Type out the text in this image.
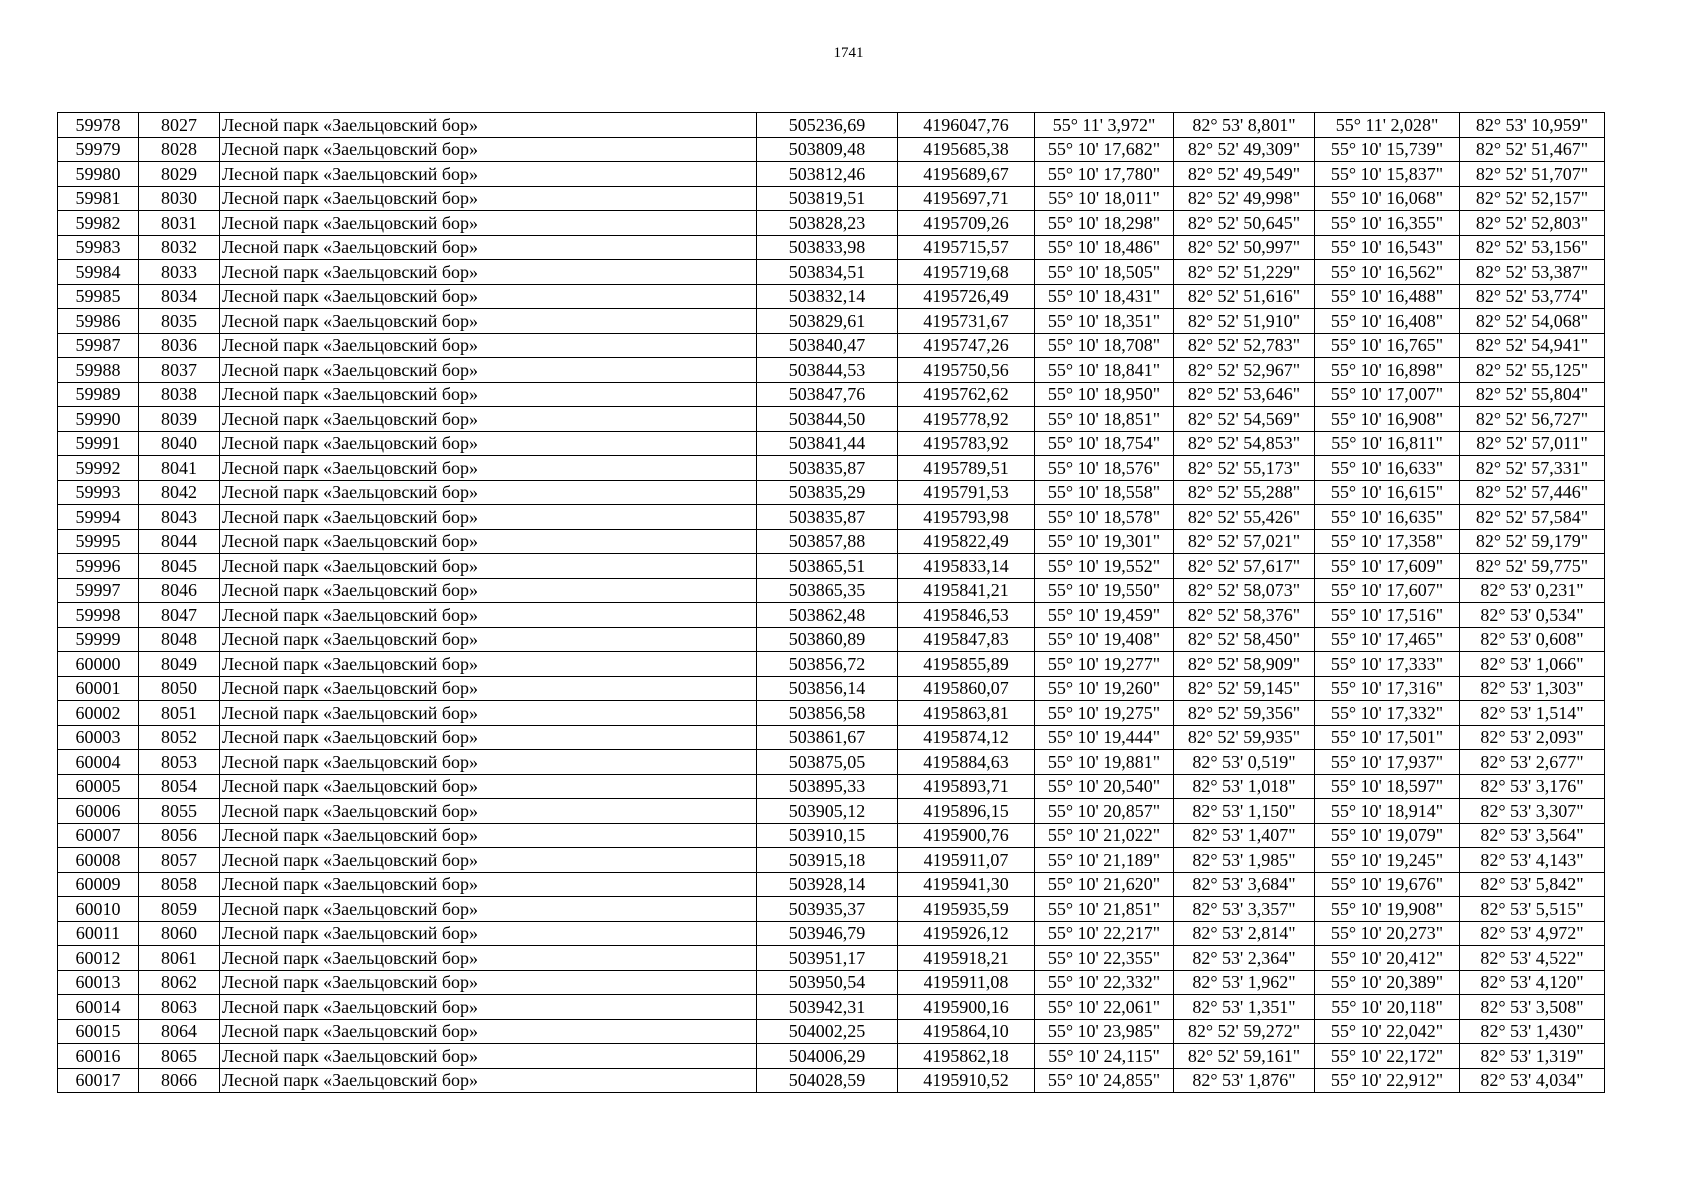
1741
59978	8027	Лесной парк «Заельцовский бор»	505236,69	4196047,76	55° 11' 3,972"	82° 53' 8,801"	55° 11' 2,028"	82° 53' 10,959"
59979	8028	Лесной парк «Заельцовский бор»	503809,48	4195685,38	55° 10' 17,682"	82° 52' 49,309"	55° 10' 15,739"	82° 52' 51,467"
59980	8029	Лесной парк «Заельцовский бор»	503812,46	4195689,67	55° 10' 17,780"	82° 52' 49,549"	55° 10' 15,837"	82° 52' 51,707"
59981	8030	Лесной парк «Заельцовский бор»	503819,51	4195697,71	55° 10' 18,011"	82° 52' 49,998"	55° 10' 16,068"	82° 52' 52,157"
59982	8031	Лесной парк «Заельцовский бор»	503828,23	4195709,26	55° 10' 18,298"	82° 52' 50,645"	55° 10' 16,355"	82° 52' 52,803"
59983	8032	Лесной парк «Заельцовский бор»	503833,98	4195715,57	55° 10' 18,486"	82° 52' 50,997"	55° 10' 16,543"	82° 52' 53,156"
59984	8033	Лесной парк «Заельцовский бор»	503834,51	4195719,68	55° 10' 18,505"	82° 52' 51,229"	55° 10' 16,562"	82° 52' 53,387"
59985	8034	Лесной парк «Заельцовский бор»	503832,14	4195726,49	55° 10' 18,431"	82° 52' 51,616"	55° 10' 16,488"	82° 52' 53,774"
59986	8035	Лесной парк «Заельцовский бор»	503829,61	4195731,67	55° 10' 18,351"	82° 52' 51,910"	55° 10' 16,408"	82° 52' 54,068"
59987	8036	Лесной парк «Заельцовский бор»	503840,47	4195747,26	55° 10' 18,708"	82° 52' 52,783"	55° 10' 16,765"	82° 52' 54,941"
59988	8037	Лесной парк «Заельцовский бор»	503844,53	4195750,56	55° 10' 18,841"	82° 52' 52,967"	55° 10' 16,898"	82° 52' 55,125"
59989	8038	Лесной парк «Заельцовский бор»	503847,76	4195762,62	55° 10' 18,950"	82° 52' 53,646"	55° 10' 17,007"	82° 52' 55,804"
59990	8039	Лесной парк «Заельцовский бор»	503844,50	4195778,92	55° 10' 18,851"	82° 52' 54,569"	55° 10' 16,908"	82° 52' 56,727"
59991	8040	Лесной парк «Заельцовский бор»	503841,44	4195783,92	55° 10' 18,754"	82° 52' 54,853"	55° 10' 16,811"	82° 52' 57,011"
59992	8041	Лесной парк «Заельцовский бор»	503835,87	4195789,51	55° 10' 18,576"	82° 52' 55,173"	55° 10' 16,633"	82° 52' 57,331"
59993	8042	Лесной парк «Заельцовский бор»	503835,29	4195791,53	55° 10' 18,558"	82° 52' 55,288"	55° 10' 16,615"	82° 52' 57,446"
59994	8043	Лесной парк «Заельцовский бор»	503835,87	4195793,98	55° 10' 18,578"	82° 52' 55,426"	55° 10' 16,635"	82° 52' 57,584"
59995	8044	Лесной парк «Заельцовский бор»	503857,88	4195822,49	55° 10' 19,301"	82° 52' 57,021"	55° 10' 17,358"	82° 52' 59,179"
59996	8045	Лесной парк «Заельцовский бор»	503865,51	4195833,14	55° 10' 19,552"	82° 52' 57,617"	55° 10' 17,609"	82° 52' 59,775"
59997	8046	Лесной парк «Заельцовский бор»	503865,35	4195841,21	55° 10' 19,550"	82° 52' 58,073"	55° 10' 17,607"	82° 53' 0,231"
59998	8047	Лесной парк «Заельцовский бор»	503862,48	4195846,53	55° 10' 19,459"	82° 52' 58,376"	55° 10' 17,516"	82° 53' 0,534"
59999	8048	Лесной парк «Заельцовский бор»	503860,89	4195847,83	55° 10' 19,408"	82° 52' 58,450"	55° 10' 17,465"	82° 53' 0,608"
60000	8049	Лесной парк «Заельцовский бор»	503856,72	4195855,89	55° 10' 19,277"	82° 52' 58,909"	55° 10' 17,333"	82° 53' 1,066"
60001	8050	Лесной парк «Заельцовский бор»	503856,14	4195860,07	55° 10' 19,260"	82° 52' 59,145"	55° 10' 17,316"	82° 53' 1,303"
60002	8051	Лесной парк «Заельцовский бор»	503856,58	4195863,81	55° 10' 19,275"	82° 52' 59,356"	55° 10' 17,332"	82° 53' 1,514"
60003	8052	Лесной парк «Заельцовский бор»	503861,67	4195874,12	55° 10' 19,444"	82° 52' 59,935"	55° 10' 17,501"	82° 53' 2,093"
60004	8053	Лесной парк «Заельцовский бор»	503875,05	4195884,63	55° 10' 19,881"	82° 53' 0,519"	55° 10' 17,937"	82° 53' 2,677"
60005	8054	Лесной парк «Заельцовский бор»	503895,33	4195893,71	55° 10' 20,540"	82° 53' 1,018"	55° 10' 18,597"	82° 53' 3,176"
60006	8055	Лесной парк «Заельцовский бор»	503905,12	4195896,15	55° 10' 20,857"	82° 53' 1,150"	55° 10' 18,914"	82° 53' 3,307"
60007	8056	Лесной парк «Заельцовский бор»	503910,15	4195900,76	55° 10' 21,022"	82° 53' 1,407"	55° 10' 19,079"	82° 53' 3,564"
60008	8057	Лесной парк «Заельцовский бор»	503915,18	4195911,07	55° 10' 21,189"	82° 53' 1,985"	55° 10' 19,245"	82° 53' 4,143"
60009	8058	Лесной парк «Заельцовский бор»	503928,14	4195941,30	55° 10' 21,620"	82° 53' 3,684"	55° 10' 19,676"	82° 53' 5,842"
60010	8059	Лесной парк «Заельцовский бор»	503935,37	4195935,59	55° 10' 21,851"	82° 53' 3,357"	55° 10' 19,908"	82° 53' 5,515"
60011	8060	Лесной парк «Заельцовский бор»	503946,79	4195926,12	55° 10' 22,217"	82° 53' 2,814"	55° 10' 20,273"	82° 53' 4,972"
60012	8061	Лесной парк «Заельцовский бор»	503951,17	4195918,21	55° 10' 22,355"	82° 53' 2,364"	55° 10' 20,412"	82° 53' 4,522"
60013	8062	Лесной парк «Заельцовский бор»	503950,54	4195911,08	55° 10' 22,332"	82° 53' 1,962"	55° 10' 20,389"	82° 53' 4,120"
60014	8063	Лесной парк «Заельцовский бор»	503942,31	4195900,16	55° 10' 22,061"	82° 53' 1,351"	55° 10' 20,118"	82° 53' 3,508"
60015	8064	Лесной парк «Заельцовский бор»	504002,25	4195864,10	55° 10' 23,985"	82° 52' 59,272"	55° 10' 22,042"	82° 53' 1,430"
60016	8065	Лесной парк «Заельцовский бор»	504006,29	4195862,18	55° 10' 24,115"	82° 52' 59,161"	55° 10' 22,172"	82° 53' 1,319"
60017	8066	Лесной парк «Заельцовский бор»	504028,59	4195910,52	55° 10' 24,855"	82° 53' 1,876"	55° 10' 22,912"	82° 53' 4,034"
